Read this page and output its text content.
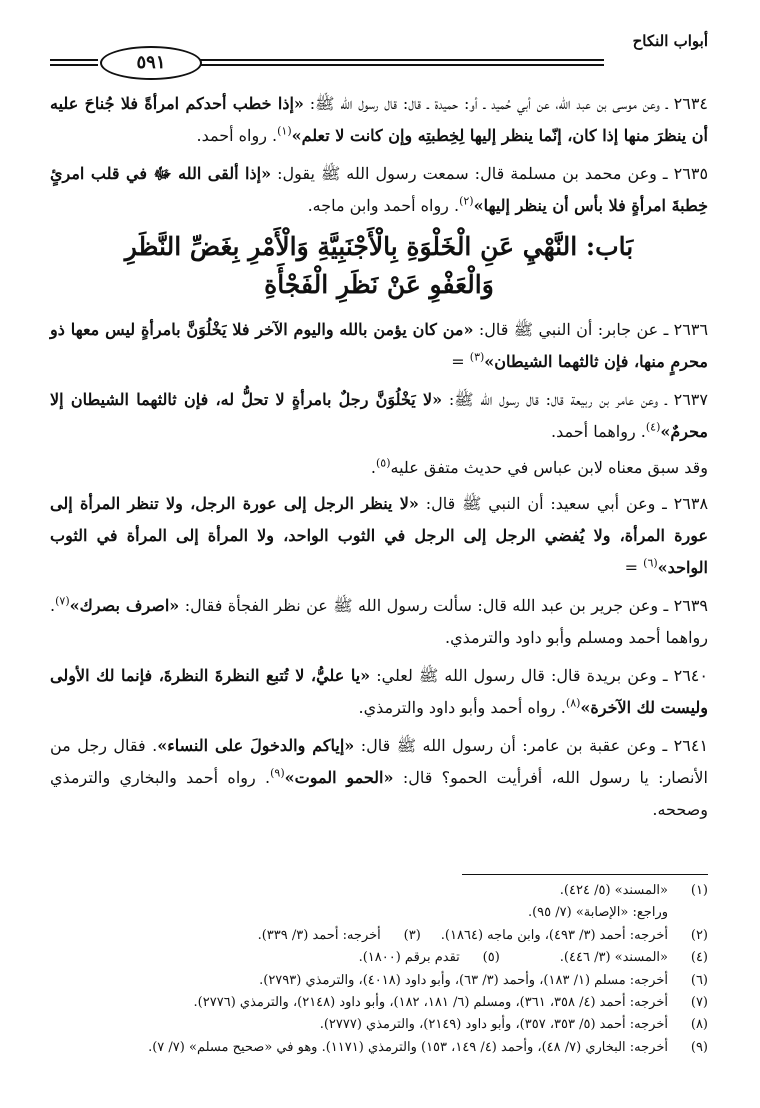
أبواب النكاح
٥٩١

٢٦٣٤ ـ وعن موسى بن عبد الله، عن أبي حُميد ـ أو: حميدة ـ قال: قال رسول الله ﷺ: «إذا خطب أحدكم امرأةً فلا جُناحَ عليه أن ينظرَ منها إذا كان، إنّما ينظر إليها لِخِطبتِه وإن كانت لا تعلم»$^{(١)}$. رواه أحمد.

٢٦٣٥ ـ وعن محمد بن مسلمة قال: سمعت رسول الله ﷺ يقول: «إذا ألقى الله ﷻ في قلب امرئٍ خِطبةَ امرأةٍ فلا بأس أن ينظر إليها»$^{(٢)}$. رواه أحمد وابن ماجه.

بَاب: النَّهْيِ عَنِ الْخَلْوَةِ بِالْأَجْنَبِيَّةِ وَالْأَمْرِ بِغَضِّ النَّظَرِ
وَالْعَفْوِ عَنْ نَظَرِ الْفَجْأَةِ

٢٦٣٦ ـ عن جابر: أن النبي ﷺ قال: «من كان يؤمن بالله واليوم الآخر فلا يَخْلُوَنَّ بامرأةٍ ليس معها ذو محرمٍ منها، فإن ثالثهما الشيطان»$^{(٣)}$ =

٢٦٣٧ ـ وعن عامر بن ربيعة قال: قال رسول الله ﷺ: «لا يَخْلُوَنَّ رجلٌ بامرأةٍ لا تحلُّ له، فإن ثالثهما الشيطان إلا محرمٌ»$^{(٤)}$. رواهما أحمد.

وقد سبق معناه لابن عباس في حديث متفق عليه$^{(٥)}$.

٢٦٣٨ ـ وعن أبي سعيد: أن النبي ﷺ قال: «لا ينظر الرجل إلى عورة الرجل، ولا تنظر المرأة إلى عورة المرأة، ولا يُفضي الرجل إلى الرجل في الثوب الواحد، ولا المرأة إلى المرأة في الثوب الواحد»$^{(٦)}$ =

٢٦٣٩ ـ وعن جرير بن عبد الله قال: سألت رسول الله ﷺ عن نظر الفجأة فقال: «اصرف بصرك»$^{(٧)}$. رواهما أحمد ومسلم وأبو داود والترمذي.

٢٦٤٠ ـ وعن بريدة قال: قال رسول الله ﷺ لعلي: «يا عليُّ، لا تُتبع النظرةَ النظرةَ، فإنما لك الأولى وليست لك الآخرة»$^{(٨)}$. رواه أحمد وأبو داود والترمذي.

٢٦٤١ ـ وعن عقبة بن عامر: أن رسول الله ﷺ قال: «إياكم والدخولَ على النساء». فقال رجل من الأنصار: يا رسول الله، أفرأيت الحمو؟ قال: «الحمو الموت»$^{(٩)}$. رواه أحمد والبخاري والترمذي وصححه.

(١)«المسند» (٥/ ٤٢٤).

وراجع: «الإصابة» (٧/ ٩٥).

(٢)أخرجه: أحمد (٣/ ٤٩٣)، وابن ماجه (١٨٦٤).(٣)أخرجه: أحمد (٣/ ٣٣٩).

(٤)«المسند» (٣/ ٤٤٦).(٥)تقدم برقم (١٨٠٠).

(٦)أخرجه: مسلم (١/ ١٨٣)، وأحمد (٣/ ٦٣)، وأبو داود (٤٠١٨)، والترمذي (٢٧٩٣).

(٧)أخرجه: أحمد (٤/ ٣٥٨، ٣٦١)، ومسلم (٦/ ١٨١، ١٨٢)، وأبو داود (٢١٤٨)، والترمذي (٢٧٧٦).

(٨)أخرجه: أحمد (٥/ ٣٥٣، ٣٥٧)، وأبو داود (٢١٤٩)، والترمذي (٢٧٧٧).

(٩)أخرجه: البخاري (٧/ ٤٨)، وأحمد (٤/ ١٤٩، ١٥٣) والترمذي (١١٧١). وهو في «صحيح مسلم» (٧/ ٧).
